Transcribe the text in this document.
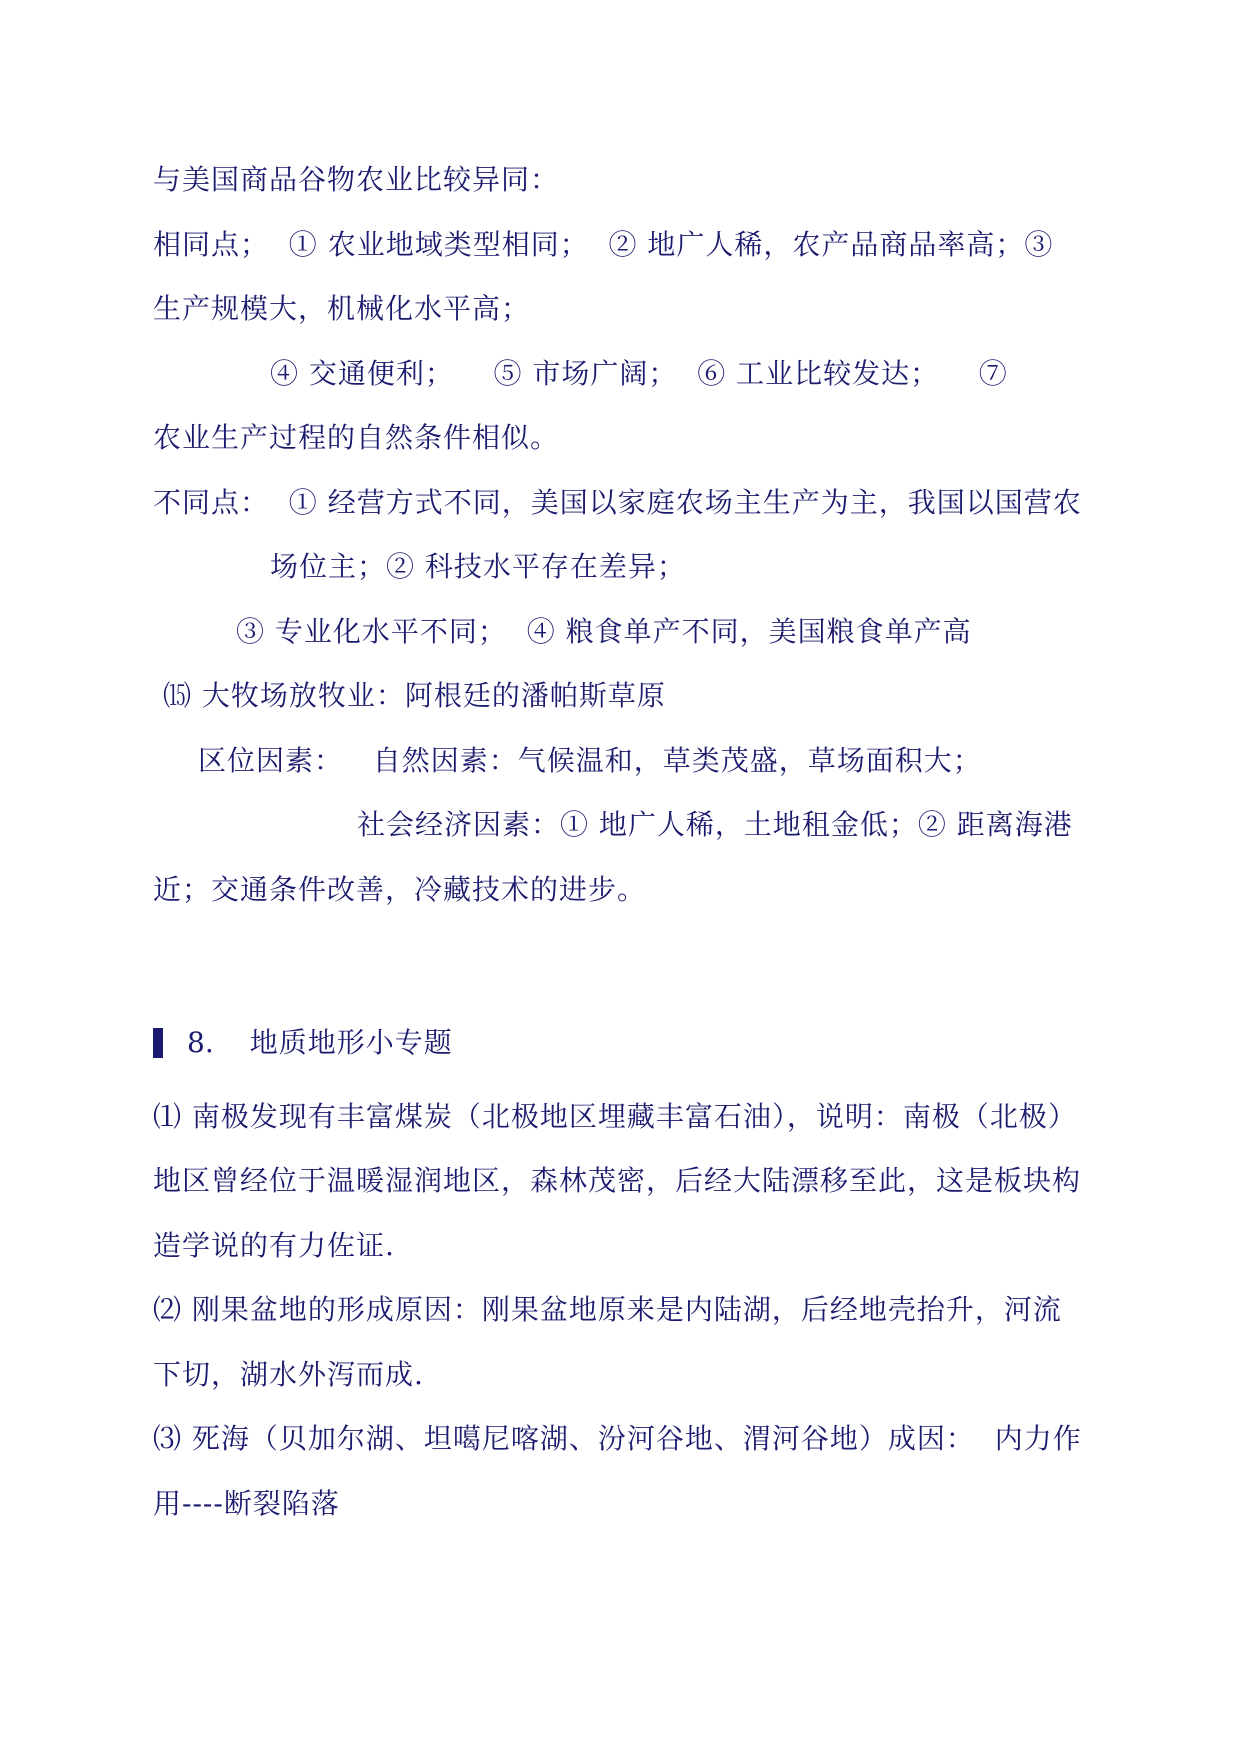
与美国商品谷物农业比较异同：
相同点；  ① 农业地域类型相同；  ② 地广人稀，农产品商品率高；③
生产规模大，机械化水平高；
④ 交通便利；    ⑤ 市场广阔；  ⑥ 工业比较发达；    ⑦
农业生产过程的自然条件相似。
不同点：  ① 经营方式不同，美国以家庭农场主生产为主，我国以国营农
场位主；② 科技水平存在差异；
③ 专业化水平不同；  ④ 粮食单产不同，美国粮食单产高
⒂ 大牧场放牧业：阿根廷的潘帕斯草原
区位因素：   自然因素：气候温和，草类茂盛，草场面积大；
社会经济因素：① 地广人稀，土地租金低；② 距离海港
近；交通条件改善，冷藏技术的进步。
8. 地质地形小专题
⑴ 南极发现有丰富煤炭（北极地区埋藏丰富石油），说明：南极（北极）
地区曾经位于温暖湿润地区，森林茂密，后经大陆漂移至此，这是板块构
造学说的有力佐证.
⑵ 刚果盆地的形成原因：刚果盆地原来是内陆湖，后经地壳抬升，河流
下切，湖水外泻而成.
⑶ 死海（贝加尔湖、坦噶尼喀湖、汾河谷地、渭河谷地）成因：  内力作
用----断裂陷落
